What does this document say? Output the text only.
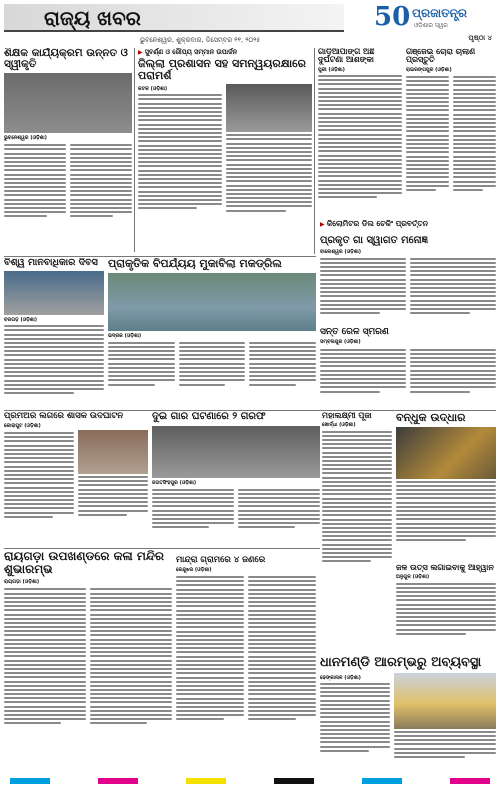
ରାଜ୍ୟ ଖବର	50 ପ୍ରଜାତନ୍ତ୍ର
ଓଡ଼ିଶାର ସ୍ୱର
ଭୁବନେଶ୍ୱର, ଶୁକ୍ରବାର, ଡିସେମ୍ବର ୧୧, ୨୦୨୫	ପୃଷ୍ଠା ୪
ଶିକ୍ଷକ କାର୍ଯ୍ୟକ୍ରମ ଉନ୍ନତ ଓ ସ୍ୱୀକୃତି
ଭୁବନେଶ୍ୱର (ଓଡ଼ିଶା)
▶ ସୁବର୍ଣ୍ଣ ଓ ରୌପ୍ୟ ସମ୍ମାନ ଉପାର୍ଜନ
ଜିଲ୍ଲା ପ୍ରଶାସନ ସହ ସମନ୍ୱୟରକ୍ଷାରେ ପରାମର୍ଶ
କଟକ (ଓଡ଼ିଶା)
ଗାଡ଼ିଆପାଙ୍ଗ ଅଛି ଦୁର୍ଘଟଣା ଆଶଙ୍କା
ପୁରୀ (ଓଡ଼ିଶା)
ଗଞ୍ଜେଇ ଚୋରା ଚାଲାଣ ପ୍ରସ୍ତୁତି
ରାଇରଙ୍ଗପୁର (ଓଡ଼ିଶା)
▶ କିଲୋମିଟର ଡିଲ ଚେକିଂ ପ୍ରବର୍ତ୍ତନ
ପ୍ରକୃତ ଗାଁ ସ୍ୱାଗତ ମନୋଜ୍ଞ
ବାଲେଶ୍ୱର (ଓଡ଼ିଶା)
ବିଶ୍ୱ ମାନବାଧିକାର ଦିବସ
ବରଗଡ଼ (ଓଡ଼ିଶା)
ପ୍ରାକୃତିକ ବିପର୍ଯ୍ୟୟ ମୁକାବିଲା ମକଡ୍ରିଲ
ଭଦ୍ରକ (ଓଡ଼ିଶା)	ସନ୍ତ ରେଳ ସ୍ମରଣ
ସମ୍ବଲପୁର (ଓଡ଼ିଶା)
ପ୍ରିମିଅର ଲିଗରେ ଶାସକ ଉଦଘାଟନ
କୋରାପୁଟ (ଓଡ଼ିଶା)
ଦୁଇ ଗାଁର ଘଟଣାରେ ୨ ଗିରଫ
ଜଗତସିଂହପୁର (ଓଡ଼ିଶା)
ମହାଲକ୍ଷ୍ମୀ ପୂଜା
ଖୋର୍ଦ୍ଧା (ଓଡ଼ିଶା)
ବନ୍ଧୁକ ଉଦ୍ଧାର
ଜଳ ଉତ୍ସ ଲଗାଇବାକୁ ଆହ୍ୱାନ
ଅନୁଗୁଳ (ଓଡ଼ିଶା)
ରାୟଗଡ଼ା ଉପଖଣ୍ଡରେ କଳା ମନ୍ଦିର ଶୁଭାରମ୍ଭ
ରାୟଗଡ଼ା (ଓଡ଼ିଶା)
ମାନ୍ଦ୍ରା ଗ୍ରାମରେ ୪ ଜଣରେ
କେନ୍ଦୁଝର (ଓଡ଼ିଶା)
ଧାନମଣ୍ଡି ଆରମ୍ଭରୁ ଅବ୍ୟବସ୍ଥା
ଢେଙ୍କାନାଳ (ଓଡ଼ିଶା)
